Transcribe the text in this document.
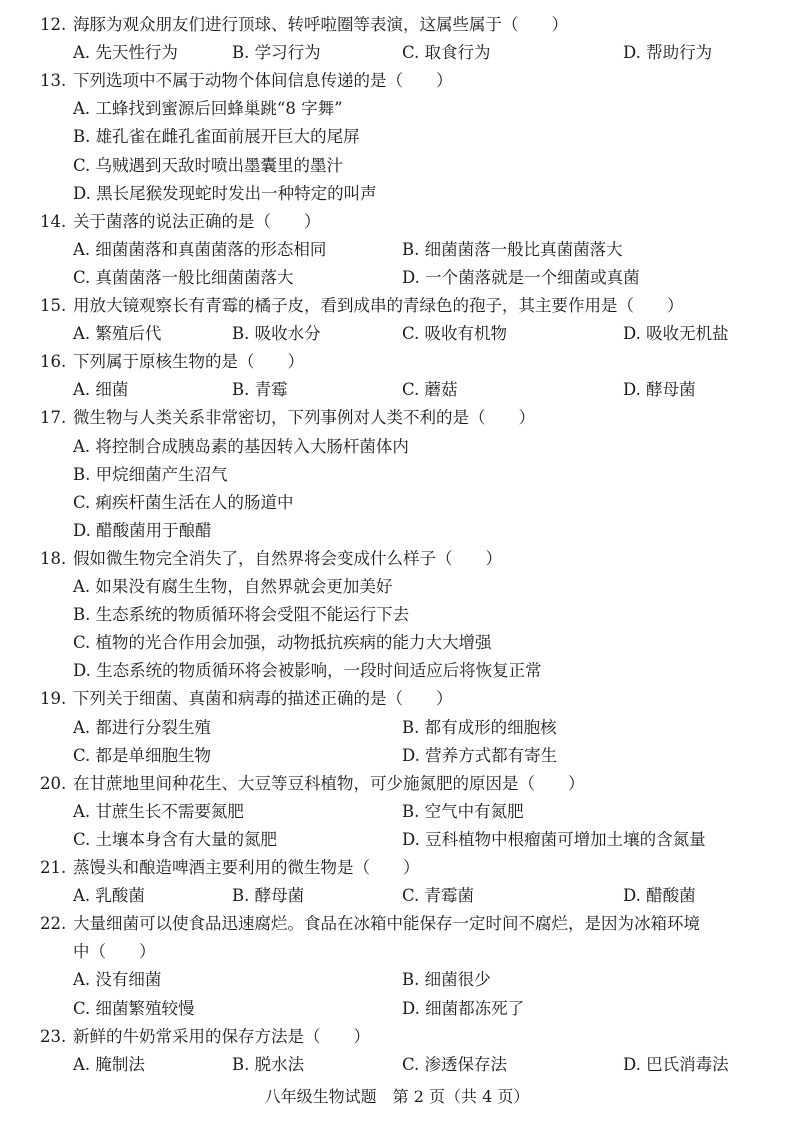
12. 海豚为观众朋友们进行顶球、转呼啦圈等表演，这属些属于（　　）
A. 先天性行为	B. 学习行为	C. 取食行为	D. 帮助行为
13. 下列选项中不属于动物个体间信息传递的是（　　）
A. 工蜂找到蜜源后回蜂巢跳“8 字舞”
B. 雄孔雀在雌孔雀面前展开巨大的尾屏
C. 乌贼遇到天敌时喷出墨囊里的墨汁
D. 黑长尾猴发现蛇时发出一种特定的叫声
14. 关于菌落的说法正确的是（　　）
A. 细菌菌落和真菌菌落的形态相同	B. 细菌菌落一般比真菌菌落大
C. 真菌菌落一般比细菌菌落大	D. 一个菌落就是一个细菌或真菌
15. 用放大镜观察长有青霉的橘子皮，看到成串的青绿色的孢子，其主要作用是（　　）
A. 繁殖后代	B. 吸收水分	C. 吸收有机物	D. 吸收无机盐
16. 下列属于原核生物的是（　　）
A. 细菌	B. 青霉	C. 蘑菇	D. 酵母菌
17. 微生物与人类关系非常密切，下列事例对人类不利的是（　　）
A. 将控制合成胰岛素的基因转入大肠杆菌体内
B. 甲烷细菌产生沼气
C. 痢疾杆菌生活在人的肠道中
D. 醋酸菌用于酿醋
18. 假如微生物完全消失了，自然界将会变成什么样子（　　）
A. 如果没有腐生生物，自然界就会更加美好
B. 生态系统的物质循环将会受阻不能运行下去
C. 植物的光合作用会加强，动物抵抗疾病的能力大大增强
D. 生态系统的物质循环将会被影响，一段时间适应后将恢复正常
19. 下列关于细菌、真菌和病毒的描述正确的是（　　）
A. 都进行分裂生殖	B. 都有成形的细胞核
C. 都是单细胞生物	D. 营养方式都有寄生
20. 在甘蔗地里间种花生、大豆等豆科植物，可少施氮肥的原因是（　　）
A. 甘蔗生长不需要氮肥	B. 空气中有氮肥
C. 土壤本身含有大量的氮肥	D. 豆科植物中根瘤菌可增加土壤的含氮量
21. 蒸馒头和酿造啤酒主要利用的微生物是（　　）
A. 乳酸菌	B. 酵母菌	C. 青霉菌	D. 醋酸菌
22. 大量细菌可以使食品迅速腐烂。食品在冰箱中能保存一定时间不腐烂，是因为冰箱环境
中（　　）
A. 没有细菌	B. 细菌很少
C. 细菌繁殖较慢	D. 细菌都冻死了
23. 新鲜的牛奶常采用的保存方法是（　　）
A. 腌制法	B. 脱水法	C. 渗透保存法	D. 巴氏消毒法
八年级生物试题　第 2 页（共 4 页）
